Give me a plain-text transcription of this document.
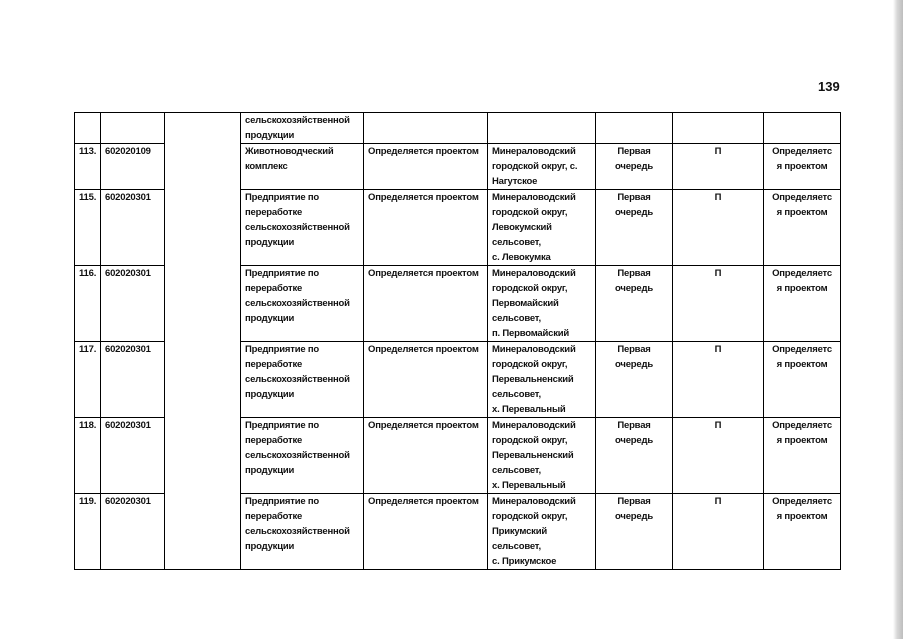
139
			сельскохозяйственной
продукции					
113.	602020109		Животноводческий
комплекс	Определяется проектом	Минераловодский
городской округ, с.
Нагутское	Первая
очередь	П	Определяетс
я проектом
115.	602020301		Предприятие по
переработке
сельскохозяйственной
продукции	Определяется проектом	Минераловодский
городской округ,
Левокумский
сельсовет,
с. Левокумка	Первая
очередь	П	Определяетс
я проектом
116.	602020301		Предприятие по
переработке
сельскохозяйственной
продукции	Определяется проектом	Минераловодский
городской округ,
Первомайский
сельсовет,
п. Первомайский	Первая
очередь	П	Определяетс
я проектом
117.	602020301		Предприятие по
переработке
сельскохозяйственной
продукции	Определяется проектом	Минераловодский
городской округ,
Перевальненский
сельсовет,
х. Перевальный	Первая
очередь	П	Определяетс
я проектом
118.	602020301		Предприятие по
переработке
сельскохозяйственной
продукции	Определяется проектом	Минераловодский
городской округ,
Перевальненский
сельсовет,
х. Перевальный	Первая
очередь	П	Определяетс
я проектом
119.	602020301		Предприятие по
переработке
сельскохозяйственной
продукции	Определяется проектом	Минераловодский
городской округ,
Прикумский
сельсовет,
с. Прикумское	Первая
очередь	П	Определяетс
я проектом
